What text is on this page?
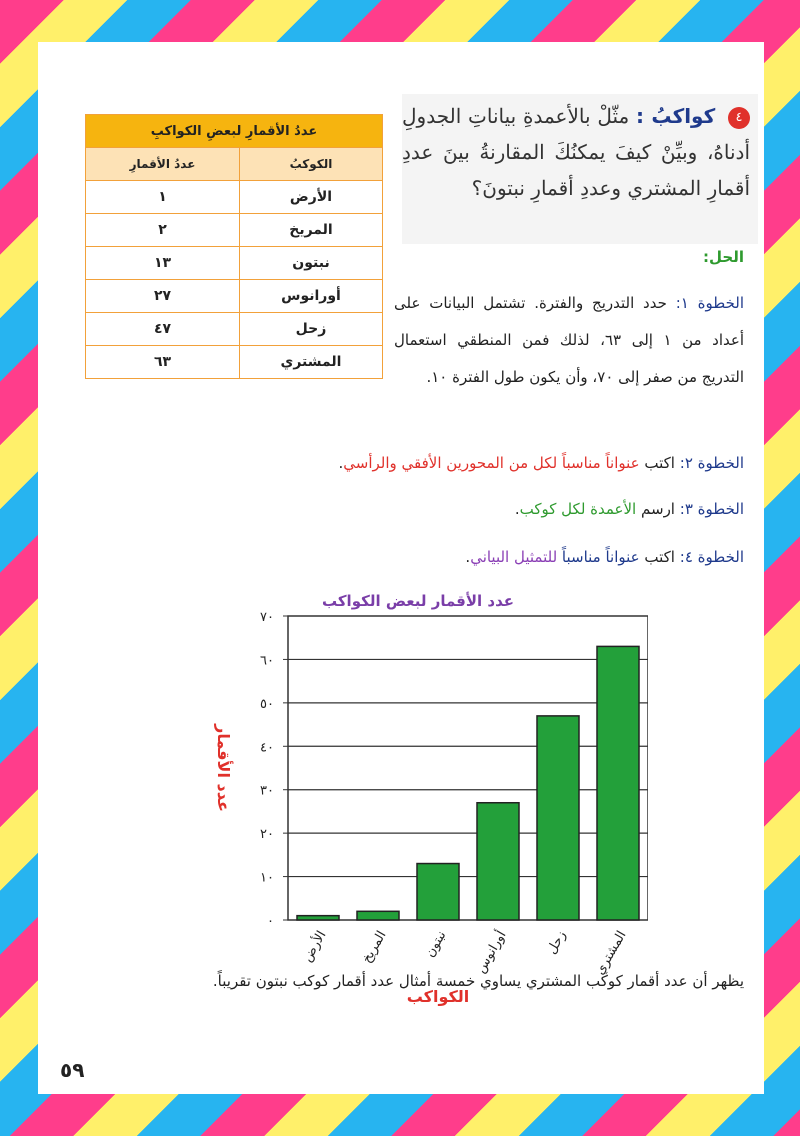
عددُ الأقمارِ لبعضِ الكواكبِ	
الكوكبُ	عددُ الأقمارِ
الأرض	١
المريخ	٢
نبتون	١٣
أورانوس	٢٧
زحل	٤٧
المشتري	٦٣
٤ كواكبُ : مثّلْ بالأعمدةِ بياناتِ الجدولِ أدناهُ، وبيِّنْ كيفَ يمكنُكَ المقارنةُ بينَ عددِ أقمارِ المشتري وعددِ أقمارِ نبتونَ؟
الحل:
الخطوة ١: حدد التدريج والفترة. تشتمل البيانات على أعداد من ١ إلى ٦٣، لذلك فمن المنطقي استعمال التدريج من صفر إلى ٧٠، وأن يكون طول الفترة ١٠.
الخطوة ٢: اكتب عنواناً مناسباً لكل من المحورين الأفقي والرأسي.
الخطوة ٣: ارسم الأعمدة لكل كوكب.
الخطوة ٤: اكتب عنواناً مناسباً للتمثيل البياني.
عدد الأقمار لبعض الكواكب
عدد الأقمار
الكواكب
٠
١٠
٢٠
٣٠
٤٠
٥٠
٦٠
٧٠
الأرض المريخ	نبتون أورانوس	زحل المشتري
يظهر أن عدد أقمار كوكب المشتري يساوي خمسة أمثال عدد أقمار كوكب نبتون تقريباً.
٥٩
